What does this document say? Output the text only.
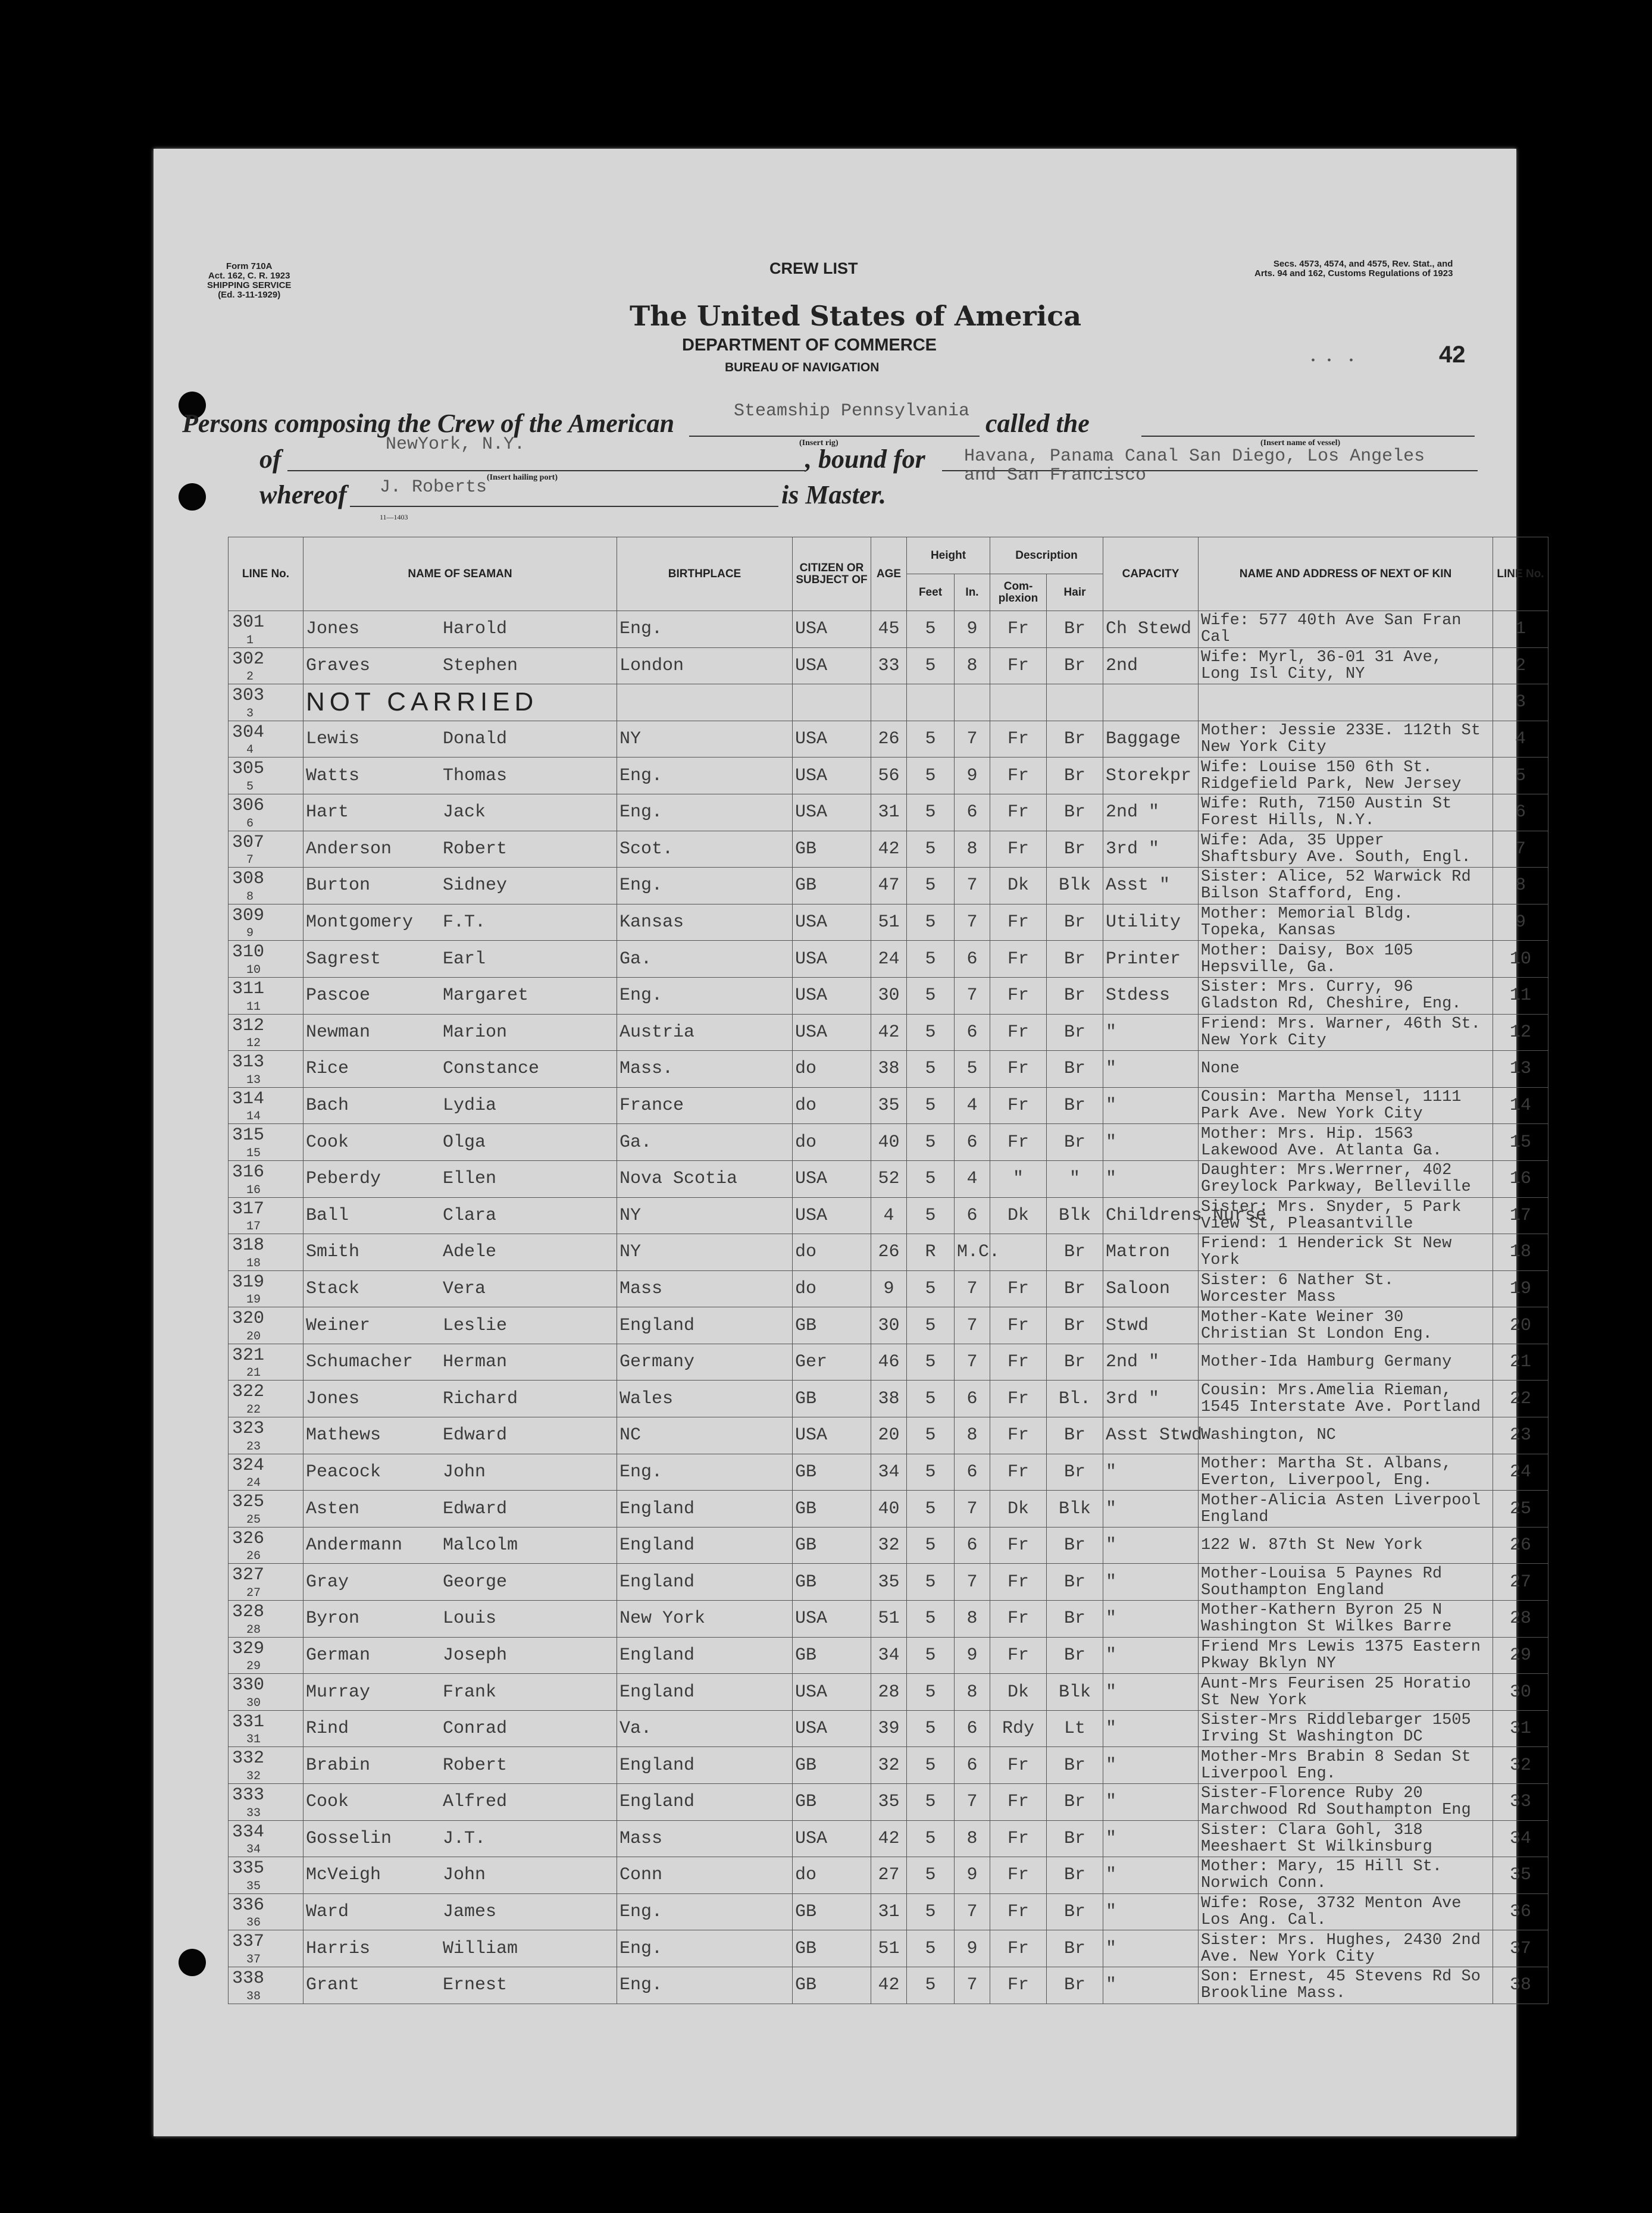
Form 710A
Act. 162, C. R. 1923
SHIPPING SERVICE
(Ed. 3-11-1929)
CREW LIST	Secs. 4573, 4574, and 4575, Rev. Stat., and
Arts. 94 and 162, Customs Regulations of 1923
The United States of America
DEPARTMENT OF COMMERCE
BUREAU OF NAVIGATION	42
•    •      •
Persons composing the Crew of the American	Steamship Pennsylvania
(Insert rig)
called the
(Insert name of vessel)
of	NewYork, N.Y.
(Insert hailing port)
, bound for Havana, Panama Canal San Diego, Los Angeles
and San Francisco
whereof J. Roberts	is Master.
11—1403
LINE No.	NAME OF SEAMAN	BIRTHPLACE	CITIZEN OR SUBJECT OF	AGE	Height		Description		CAPACITY	NAME AND ADDRESS OF NEXT OF KIN	LINE No.
					Feet	In.	Com- plexion	Hair			

301
1	Jones Harold	Eng.	USA	45	5	9	Fr	Br	Ch Stewd	Wife: 577 40th Ave San Fran Cal	1

302
2	Graves Stephen	London	USA	33	5	8	Fr	Br	2nd	Wife: Myrl, 36-01 31 Ave, Long Isl City, NY	2

303
3	NOT CARRIED										3

304
4	Lewis Donald	NY	USA	26	5	7	Fr	Br	Baggage	Mother: Jessie 233E. 112th St New York City	4

305
5	Watts Thomas	Eng.	USA	56	5	9	Fr	Br	Storekpr	Wife: Louise 150 6th St. Ridgefield Park, New Jersey	5

306
6	Hart Jack	Eng.	USA	31	5	6	Fr	Br	2nd "	Wife: Ruth, 7150 Austin St Forest Hills, N.Y.	6

307
7	Anderson Robert	Scot.	GB	42	5	8	Fr	Br	3rd "	Wife: Ada, 35 Upper Shaftsbury Ave. South, Engl.	7

308
8	Burton Sidney	Eng.	GB	47	5	7	Dk	Blk	Asst "	Sister: Alice, 52 Warwick Rd Bilson Stafford, Eng.	8

309
9	Montgomery F.T.	Kansas	USA	51	5	7	Fr	Br	Utility	Mother: Memorial Bldg. Topeka, Kansas	9

310
10	Sagrest Earl	Ga.	USA	24	5	6	Fr	Br	Printer	Mother: Daisy, Box 105 Hepsville, Ga.	10

311
11	Pascoe Margaret	Eng.	USA	30	5	7	Fr	Br	Stdess	Sister: Mrs. Curry, 96 Gladston Rd, Cheshire, Eng.	11

312
12	Newman Marion	Austria	USA	42	5	6	Fr	Br	"	Friend: Mrs. Warner, 46th St. New York City	12

313
13	Rice Constance	Mass.	do	38	5	5	Fr	Br	"	None	13

314
14	Bach Lydia	France	do	35	5	4	Fr	Br	"	Cousin: Martha Mensel, 1111 Park Ave. New York City	14

315
15	Cook Olga	Ga.	do	40	5	6	Fr	Br	"	Mother: Mrs. Hip. 1563 Lakewood Ave. Atlanta Ga.	15

316
16	Peberdy Ellen	Nova Scotia	USA	52	5	4	"	"	"	Daughter: Mrs.Werrner, 402 Greylock Parkway, Belleville	16

317
17	Ball Clara	NY	USA	4	5	6	Dk	Blk	Childrens Nurse	Sister: Mrs. Snyder, 5 Park View St, Pleasantville	17

318
18	Smith Adele	NY	do	26	R	M.C.		Br	Matron	Friend: 1 Henderick St New York	18

319
19	Stack Vera	Mass	do	9	5	7	Fr	Br	Saloon	Sister: 6 Nather St. Worcester Mass	19

320
20	Weiner Leslie	England	GB	30	5	7	Fr	Br	Stwd	Mother-Kate Weiner 30 Christian St London Eng.	20

321
21	Schumacher Herman	Germany	Ger	46	5	7	Fr	Br	2nd "	Mother-Ida Hamburg Germany	21

322
22	Jones Richard	Wales	GB	38	5	6	Fr	Bl.	3rd "	Cousin: Mrs.Amelia Rieman, 1545 Interstate Ave. Portland	22

323
23	Mathews Edward	NC	USA	20	5	8	Fr	Br	Asst Stwd	Washington, NC	23

324
24	Peacock John	Eng.	GB	34	5	6	Fr	Br	"	Mother: Martha St. Albans, Everton, Liverpool, Eng.	24

325
25	Asten Edward	England	GB	40	5	7	Dk	Blk	"	Mother-Alicia Asten Liverpool England	25

326
26	Andermann Malcolm	England	GB	32	5	6	Fr	Br	"	122 W. 87th St New York	26

327
27	Gray George	England	GB	35	5	7	Fr	Br	"	Mother-Louisa 5 Paynes Rd Southampton England	27

328
28	Byron Louis	New York	USA	51	5	8	Fr	Br	"	Mother-Kathern Byron 25 N Washington St Wilkes Barre	28

329
29	German Joseph	England	GB	34	5	9	Fr	Br	"	Friend Mrs Lewis 1375 Eastern Pkway Bklyn NY	29

330
30	Murray Frank	England	USA	28	5	8	Dk	Blk	"	Aunt-Mrs Feurisen 25 Horatio St New York	30

331
31	Rind Conrad	Va.	USA	39	5	6	Rdy	Lt	"	Sister-Mrs Riddlebarger 1505 Irving St Washington DC	31

332
32	Brabin Robert	England	GB	32	5	6	Fr	Br	"	Mother-Mrs Brabin 8 Sedan St Liverpool Eng.	32

333
33	Cook Alfred	England	GB	35	5	7	Fr	Br	"	Sister-Florence Ruby 20 Marchwood Rd Southampton Eng	33

334
34	Gosselin J.T.	Mass	USA	42	5	8	Fr	Br	"	Sister: Clara Gohl, 318 Meeshaert St Wilkinsburg	34

335
35	McVeigh John	Conn	do	27	5	9	Fr	Br	"	Mother: Mary, 15 Hill St. Norwich Conn.	35

336
36	Ward James	Eng.	GB	31	5	7	Fr	Br	"	Wife: Rose, 3732 Menton Ave Los Ang. Cal.	36

337
37	Harris William	Eng.	GB	51	5	9	Fr	Br	"	Sister: Mrs. Hughes, 2430 2nd Ave. New York City	37

338
38	Grant Ernest	Eng.	GB	42	5	7	Fr	Br	"	Son: Ernest, 45 Stevens Rd So Brookline Mass.	38
